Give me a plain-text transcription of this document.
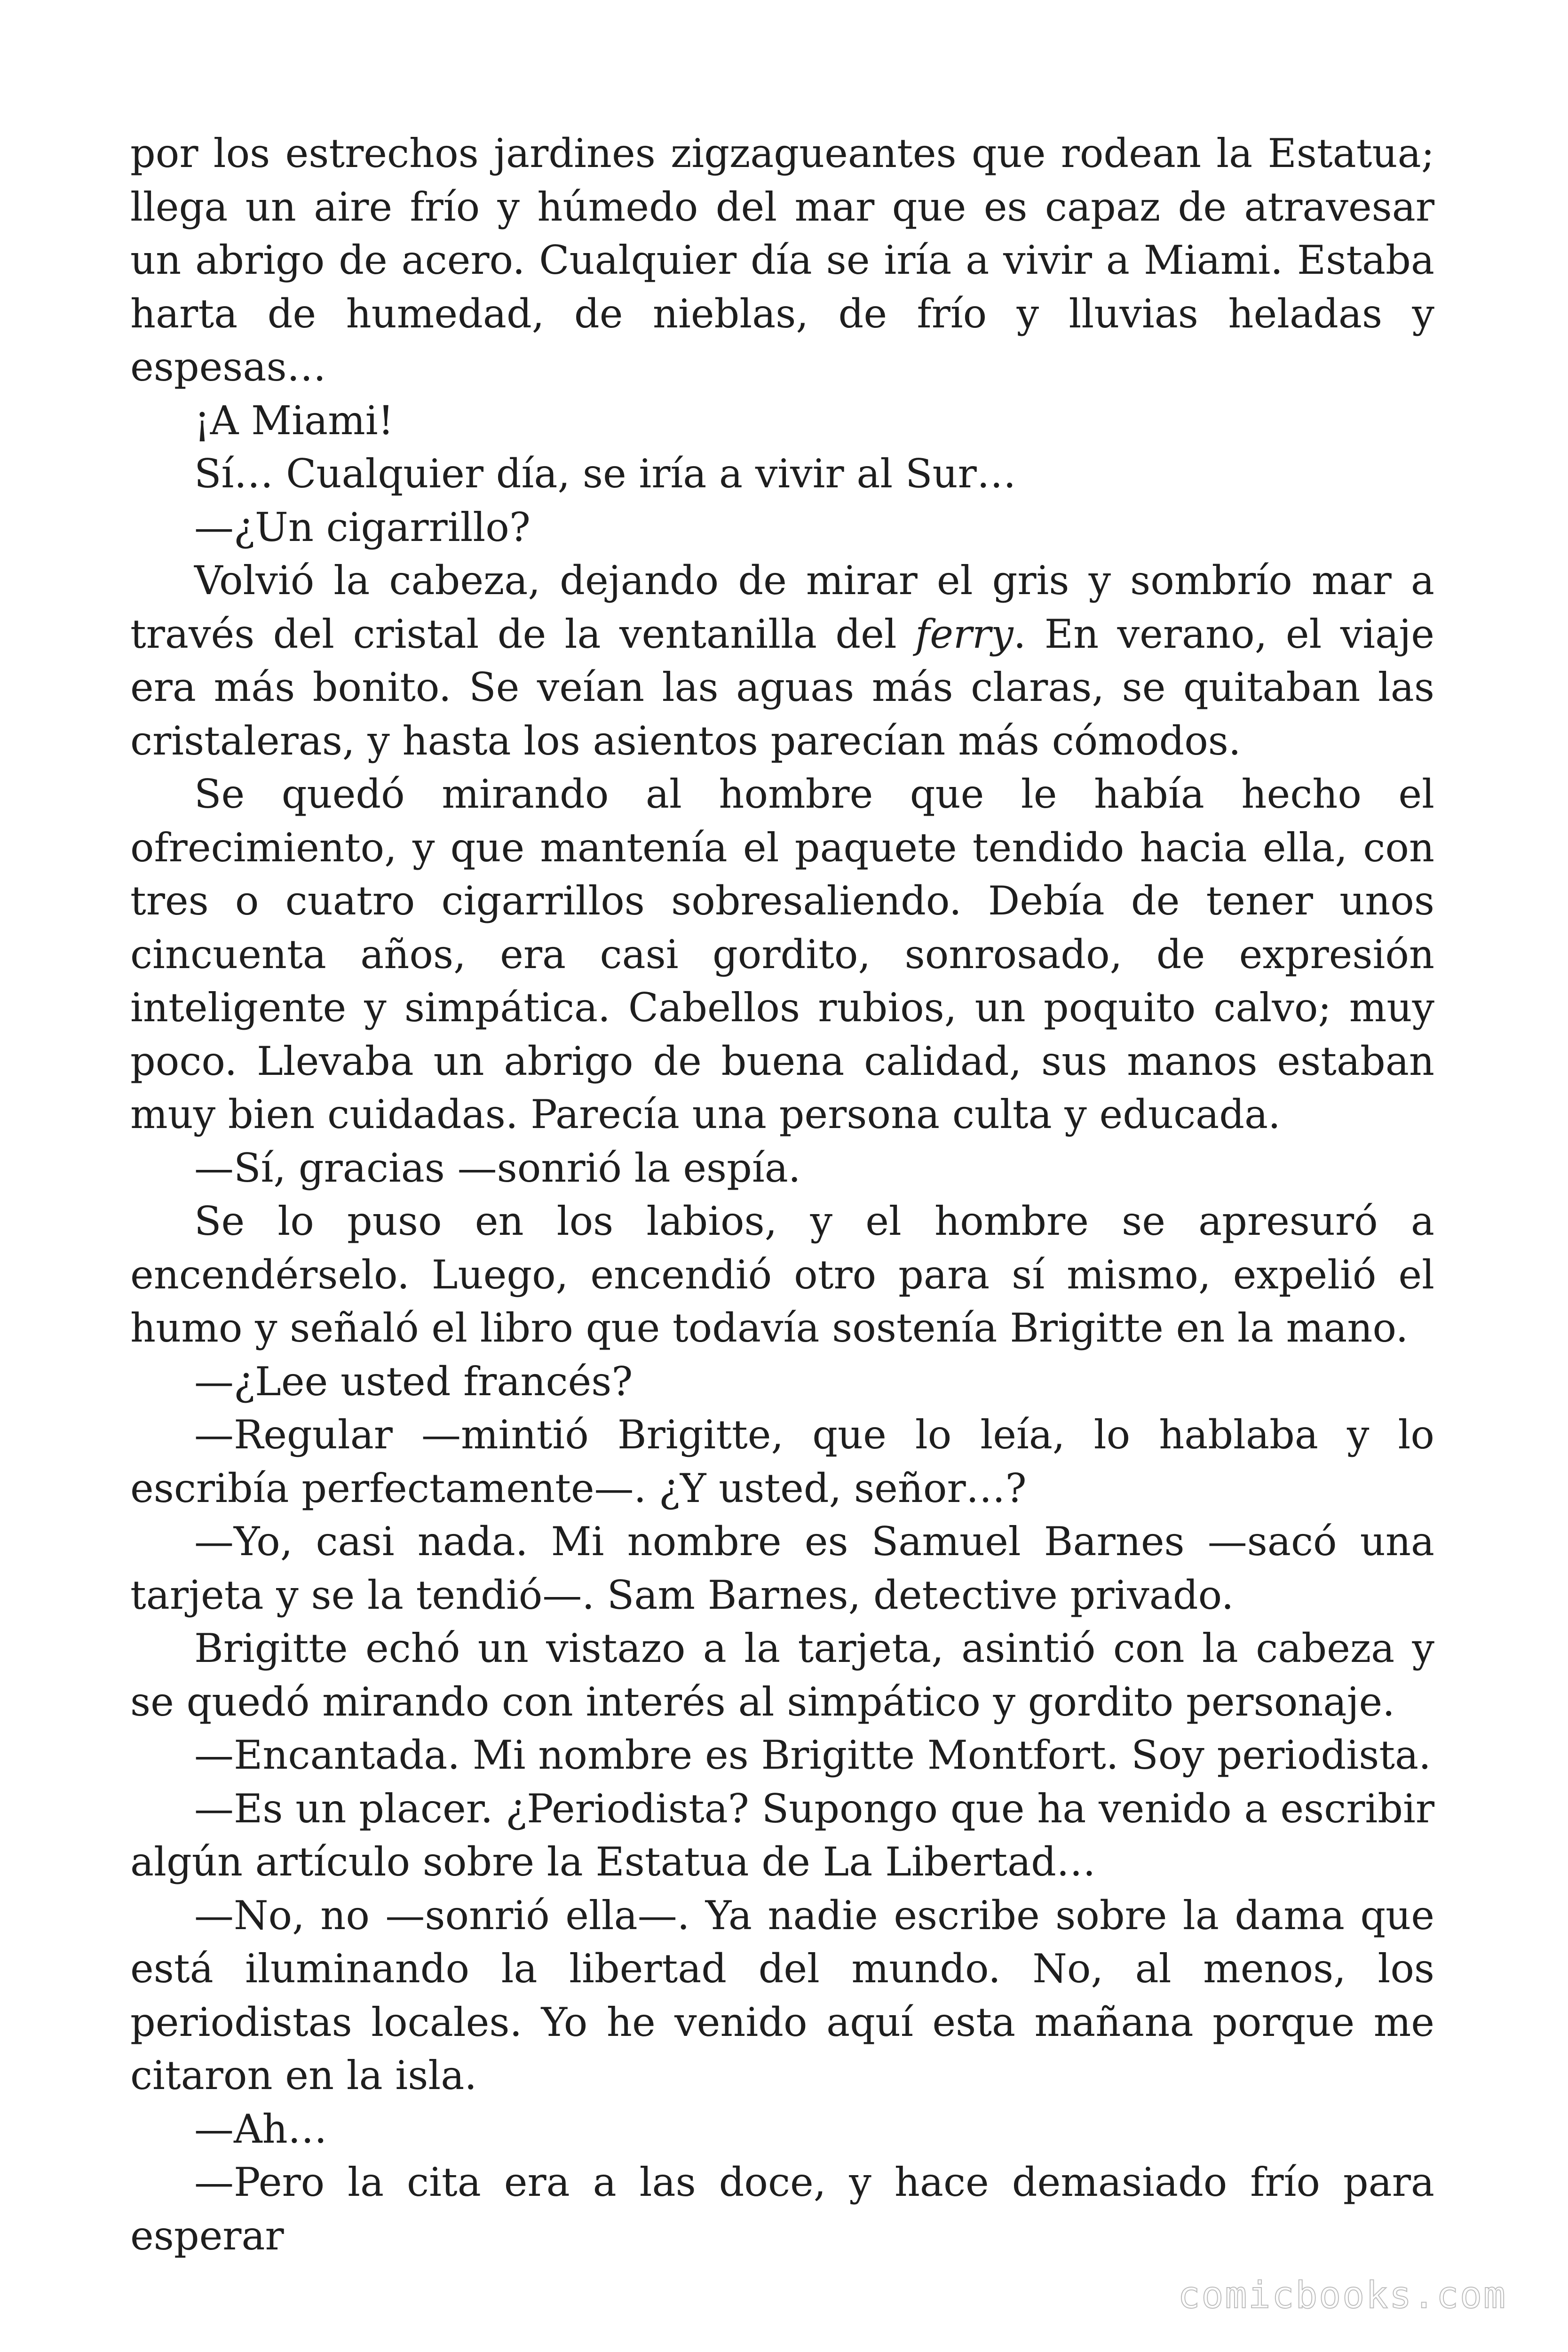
por los estrechos jardines zigzagueantes que rodean la Estatua; llega un aire frío y húmedo del mar que es capaz de atravesar un abrigo de acero. Cualquier día se iría a vivir a Miami. Estaba harta de humedad, de nieblas, de frío y lluvias heladas y espesas…

¡A Miami!

Sí… Cualquier día, se iría a vivir al Sur…

—¿Un cigarrillo?

Volvió la cabeza, dejando de mirar el gris y sombrío mar a través del cristal de la ventanilla del ferry. En verano, el viaje era más bonito. Se veían las aguas más claras, se quitaban las cristaleras, y hasta los asientos parecían más cómodos.

Se quedó mirando al hombre que le había hecho el ofrecimiento, y que mantenía el paquete tendido hacia ella, con tres o cuatro cigarrillos sobresaliendo. Debía de tener unos cincuenta años, era casi gordito, sonrosado, de expresión inteligente y simpática. Cabellos rubios, un poquito calvo; muy poco. Llevaba un abrigo de buena calidad, sus manos estaban muy bien cuidadas. Parecía una persona culta y educada.

—Sí, gracias —sonrió la espía.

Se lo puso en los labios, y el hombre se apresuró a encendérselo. Luego, encendió otro para sí mismo, expelió el humo y señaló el libro que todavía sostenía Brigitte en la mano.

—¿Lee usted francés?

—Regular —mintió Brigitte, que lo leía, lo hablaba y lo escribía perfectamente—. ¿Y usted, señor…?

—Yo, casi nada. Mi nombre es Samuel Barnes —sacó una tarjeta y se la tendió—. Sam Barnes, detective privado.

Brigitte echó un vistazo a la tarjeta, asintió con la cabeza y se quedó mirando con interés al simpático y gordito personaje.

—Encantada. Mi nombre es Brigitte Montfort. Soy periodista.

—Es un placer. ¿Periodista? Supongo que ha venido a escribir algún artículo sobre la Estatua de La Libertad…

—No, no —sonrió ella—. Ya nadie escribe sobre la dama que está iluminando la libertad del mundo. No, al menos, los periodistas locales. Yo he venido aquí esta mañana porque me citaron en la isla.

—Ah…

—Pero la cita era a las doce, y hace demasiado frío para esperar

comicbooks.com
